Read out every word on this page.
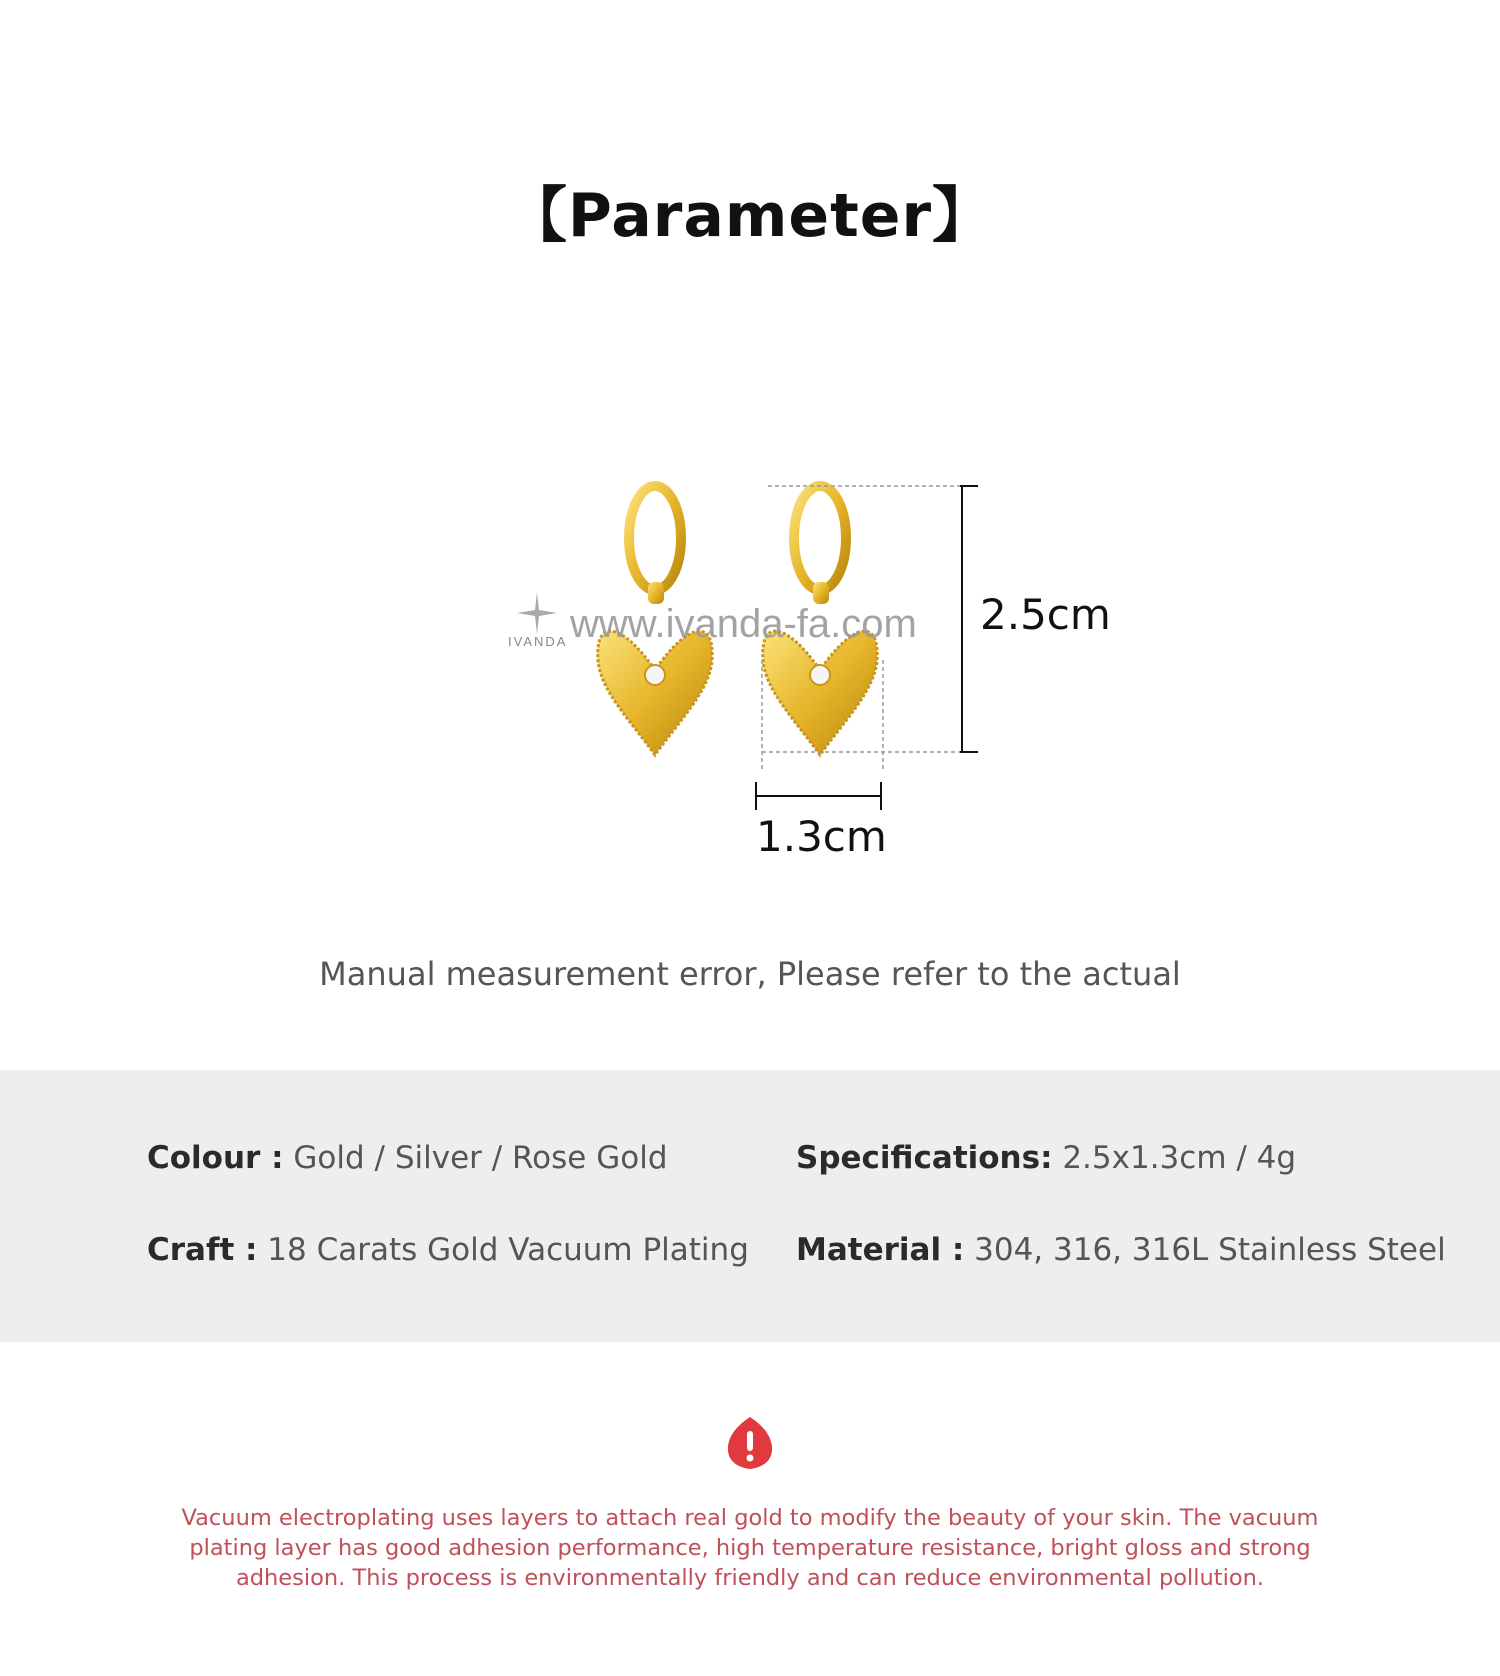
【Parameter】
IVANDA www.ivanda-fa.com 2.5cm
1.3cm
Manual measurement error, Please refer to the actual
Colour : Gold / Silver / Rose Gold	Specifications: 2.5x1.3cm / 4g
Craft : 18 Carats Gold Vacuum Plating Material : 304, 316, 316L Stainless Steel
Vacuum electroplating uses layers to attach real gold to modify the beauty of your skin. The vacuum plating layer has good adhesion performance, high temperature resistance, bright gloss and strong adhesion. This process is environmentally friendly and can reduce environmental pollution.
